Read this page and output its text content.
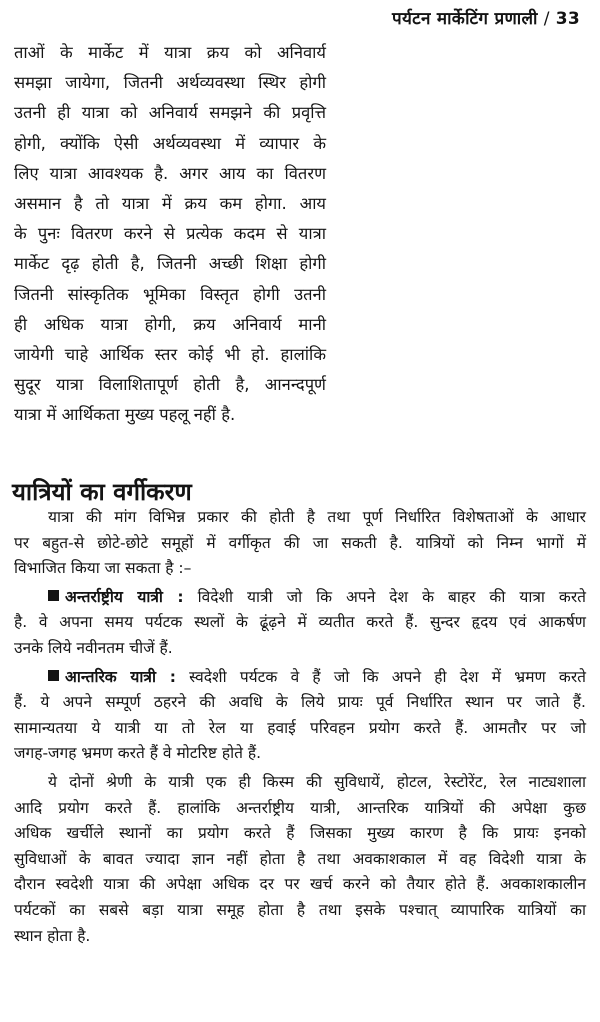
पर्यटन मार्केटिंग प्रणाली / 33
ताओं के मार्केट में यात्रा क्रय को अनिवार्य
समझा जायेगा, जितनी अर्थव्यवस्था स्थिर होगी
उतनी ही यात्रा को अनिवार्य समझने की प्रवृत्ति
होगी, क्योंकि ऐसी अर्थव्यवस्था में व्यापार के
लिए यात्रा आवश्यक है. अगर आय का वितरण
असमान है तो यात्रा में क्रय कम होगा. आय
के पुनः वितरण करने से प्रत्येक कदम से यात्रा
मार्केट दृढ़ होती है, जितनी अच्छी शिक्षा होगी
जितनी सांस्कृतिक भूमिका विस्तृत होगी उतनी
ही अधिक यात्रा होगी, क्रय अनिवार्य मानी
जायेगी चाहे आर्थिक स्तर कोई भी हो. हालांकि
सुदूर यात्रा विलाशितापूर्ण होती है, आनन्दपूर्ण
यात्रा में आर्थिकता मुख्य पहलू नहीं है.
यात्रियों का वर्गीकरण
यात्रा की मांग विभिन्न प्रकार की होती है तथा पूर्ण निर्धारित विशेषताओं के आधार
पर बहुत-से छोटे-छोटे समूहों में वर्गीकृत की जा सकती है. यात्रियों को निम्न भागों में
विभाजित किया जा सकता है :–
अन्तर्राष्ट्रीय यात्री : विदेशी यात्री जो कि अपने देश के बाहर की यात्रा करते
है. वे अपना समय पर्यटक स्थलों के ढूंढ़ने में व्यतीत करते हैं. सुन्दर हृदय एवं आकर्षण
उनके लिये नवीनतम चीजें हैं.
आन्तरिक यात्री : स्वदेशी पर्यटक वे हैं जो कि अपने ही देश में भ्रमण करते
हैं. ये अपने सम्पूर्ण ठहरने की अवधि के लिये प्रायः पूर्व निर्धारित स्थान पर जाते हैं.
सामान्यतया ये यात्री या तो रेल या हवाई परिवहन प्रयोग करते हैं. आमतौर पर जो
जगह-जगह भ्रमण करते हैं वे मोटरिष्ट होते हैं.
ये दोनों श्रेणी के यात्री एक ही किस्म की सुविधायें, होटल, रेस्टोरेंट, रेल नाट्यशाला
आदि प्रयोग करते हैं. हालांकि अन्तर्राष्ट्रीय यात्री, आन्तरिक यात्रियों की अपेक्षा कुछ
अधिक खर्चीले स्थानों का प्रयोग करते हैं जिसका मुख्य कारण है कि प्रायः इनको
सुविधाओं के बावत ज्यादा ज्ञान नहीं होता है तथा अवकाशकाल में वह विदेशी यात्रा के
दौरान स्वदेशी यात्रा की अपेक्षा अधिक दर पर खर्च करने को तैयार होते हैं. अवकाशकालीन
पर्यटकों का सबसे बड़ा यात्रा समूह होता है तथा इसके पश्चात् व्यापारिक यात्रियों का
स्थान होता है.
